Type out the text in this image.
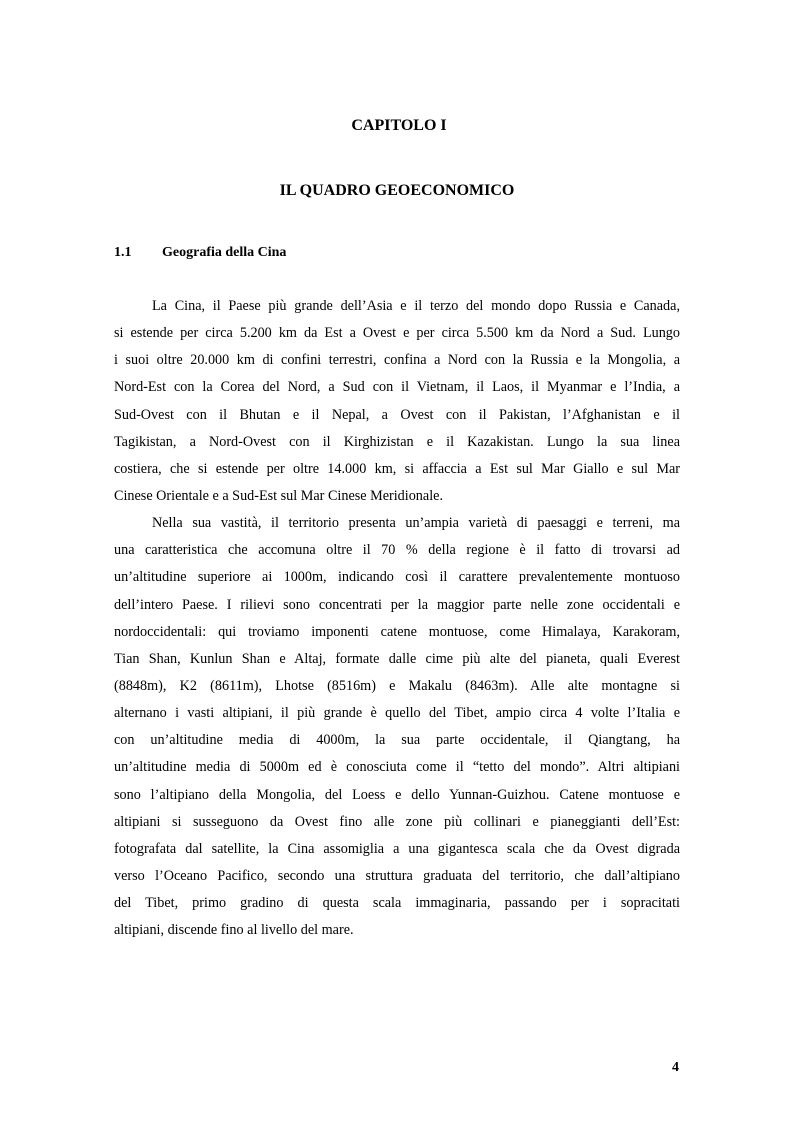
CAPITOLO I
IL QUADRO GEOECONOMICO
1.1 Geografia della Cina
La Cina, il Paese più grande dell’Asia e il terzo del mondo dopo Russia e Canada,
si estende per circa 5.200 km da Est a Ovest e per circa 5.500 km da Nord a Sud. Lungo
i suoi oltre 20.000 km di confini terrestri, confina a Nord con la Russia e la Mongolia, a
Nord-Est con la Corea del Nord, a Sud con il Vietnam, il Laos, il Myanmar e l’India, a
Sud-Ovest con il Bhutan e il Nepal, a Ovest con il Pakistan, l’Afghanistan e il
Tagikistan, a Nord-Ovest con il Kirghizistan e il Kazakistan. Lungo la sua linea
costiera, che si estende per oltre 14.000 km, si affaccia a Est sul Mar Giallo e sul Mar
Cinese Orientale e a Sud-Est sul Mar Cinese Meridionale.
Nella sua vastità, il territorio presenta un’ampia varietà di paesaggi e terreni, ma
una caratteristica che accomuna oltre il 70 % della regione è il fatto di trovarsi ad
un’altitudine superiore ai 1000m, indicando così il carattere prevalentemente montuoso
dell’intero Paese. I rilievi sono concentrati per la maggior parte nelle zone occidentali e
nordoccidentali: qui troviamo imponenti catene montuose, come Himalaya, Karakoram,
Tian Shan, Kunlun Shan e Altaj, formate dalle cime più alte del pianeta, quali Everest
(8848m), K2 (8611m), Lhotse (8516m) e Makalu (8463m). Alle alte montagne si
alternano i vasti altipiani, il più grande è quello del Tibet, ampio circa 4 volte l’Italia e
con un’altitudine media di 4000m, la sua parte occidentale, il Qiangtang, ha
un’altitudine media di 5000m ed è conosciuta come il “tetto del mondo”. Altri altipiani
sono l’altipiano della Mongolia, del Loess e dello Yunnan-Guizhou. Catene montuose e
altipiani si susseguono da Ovest fino alle zone più collinari e pianeggianti dell’Est:
fotografata dal satellite, la Cina assomiglia a una gigantesca scala che da Ovest digrada
verso l’Oceano Pacifico, secondo una struttura graduata del territorio, che dall’altipiano
del Tibet, primo gradino di questa scala immaginaria, passando per i sopracitati
altipiani, discende fino al livello del mare.
4
